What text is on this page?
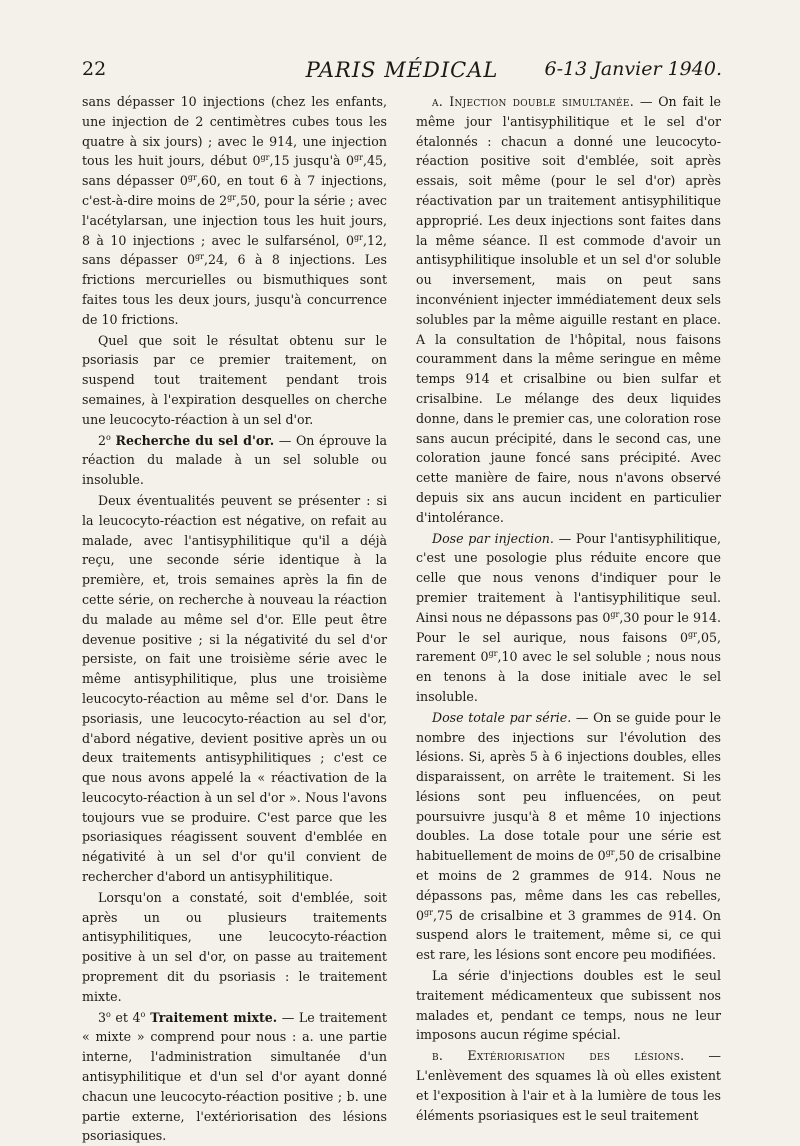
22	PARIS MÉDICAL	6-13 Janvier 1940.

sans dépasser 10 injections (chez les enfants, une injection de 2 centimètres cubes tous les quatre à six jours) ; avec le 914, une injection tous les huit jours, début $0^{gr},15$ jusqu'à $0^{gr},45$, sans dépasser $0^{gr},60$, en tout 6 à 7 injections, c'est-à-dire moins de $2^{gr},50$, pour la série ; avec l'acétylarsan, une injection tous les huit jours, 8 à 10 injections ; avec le sulfarsénol, $0^{gr},12$, sans dépasser $0^{gr},24$, 6 à 8 injections. Les frictions mercurielles ou bismuthiques sont faites tous les deux jours, jusqu'à concurrence de 10 frictions.

Quel que soit le résultat obtenu sur le psoriasis par ce premier traitement, on suspend tout traitement pendant trois semaines, à l'expiration desquelles on cherche une leucocyto-réaction à un sel d'or.

2$^o$ Recherche du sel d'or. — On éprouve la réaction du malade à un sel soluble ou insoluble.

Deux éventualités peuvent se présenter : si la leucocyto-réaction est négative, on refait au malade, avec l'antisyphilitique qu'il a déjà reçu, une seconde série identique à la première, et, trois semaines après la fin de cette série, on recherche à nouveau la réaction du malade au même sel d'or. Elle peut être devenue positive ; si la négativité du sel d'or persiste, on fait une troisième série avec le même antisyphilitique, plus une troisième leucocyto-réaction au même sel d'or. Dans le psoriasis, une leucocyto-réaction au sel d'or, d'abord négative, devient positive après un ou deux traitements antisyphilitiques ; c'est ce que nous avons appelé la « réactivation de la leucocyto-réaction à un sel d'or ». Nous l'avons toujours vue se produire. C'est parce que les psoriasiques réagissent souvent d'emblée en négativité à un sel d'or qu'il convient de rechercher d'abord un antisyphilitique.

Lorsqu'on a constaté, soit d'emblée, soit après un ou plusieurs traitements antisyphilitiques, une leucocyto-réaction positive à un sel d'or, on passe au traitement proprement dit du psoriasis : le traitement mixte.

3$^o$ et 4$^o$ Traitement mixte. — Le traitement « mixte » comprend pour nous : a. une partie interne, l'administration simultanée d'un antisyphilitique et d'un sel d'or ayant donné chacun une leucocyto-réaction positive ; b. une partie externe, l'extériorisation des lésions psoriasiques.

a. Injection double simultanée. — On fait le même jour l'antisyphilitique et le sel d'or étalonnés : chacun a donné une leucocyto-réaction positive soit d'emblée, soit après essais, soit même (pour le sel d'or) après réactivation par un traitement antisyphilitique approprié. Les deux injections sont faites dans la même séance. Il est commode d'avoir un antisyphilitique insoluble et un sel d'or soluble ou inversement, mais on peut sans inconvénient injecter immédiatement deux sels solubles par la même aiguille restant en place. A la consultation de l'hôpital, nous faisons couramment dans la même seringue en même temps 914 et crisalbine ou bien sulfar et crisalbine. Le mélange des deux liquides donne, dans le premier cas, une coloration rose sans aucun précipité, dans le second cas, une coloration jaune foncé sans précipité. Avec cette manière de faire, nous n'avons observé depuis six ans aucun incident en particulier d'intolérance.

Dose par injection. — Pour l'antisyphilitique, c'est une posologie plus réduite encore que celle que nous venons d'indiquer pour le premier traitement à l'antisyphilitique seul. Ainsi nous ne dépassons pas $0^{gr},30$ pour le 914. Pour le sel aurique, nous faisons $0^{gr},05$, rarement $0^{gr},10$ avec le sel soluble ; nous nous en tenons à la dose initiale avec le sel insoluble.

Dose totale par série. — On se guide pour le nombre des injections sur l'évolution des lésions. Si, après 5 à 6 injections doubles, elles disparaissent, on arrête le traitement. Si les lésions sont peu influencées, on peut poursuivre jusqu'à 8 et même 10 injections doubles. La dose totale pour une série est habituellement de moins de $0^{gr},50$ de crisalbine et moins de 2 grammes de 914. Nous ne dépassons pas, même dans les cas rebelles, $0^{gr},75$ de crisalbine et 3 grammes de 914. On suspend alors le traitement, même si, ce qui est rare, les lésions sont encore peu modifiées.

La série d'injections doubles est le seul traitement médicamenteux que subissent nos malades et, pendant ce temps, nous ne leur imposons aucun régime spécial.

b. Extériorisation des lésions. — L'enlèvement des squames là où elles existent et l'exposition à l'air et à la lumière de tous les éléments psoriasiques est le seul traitement
